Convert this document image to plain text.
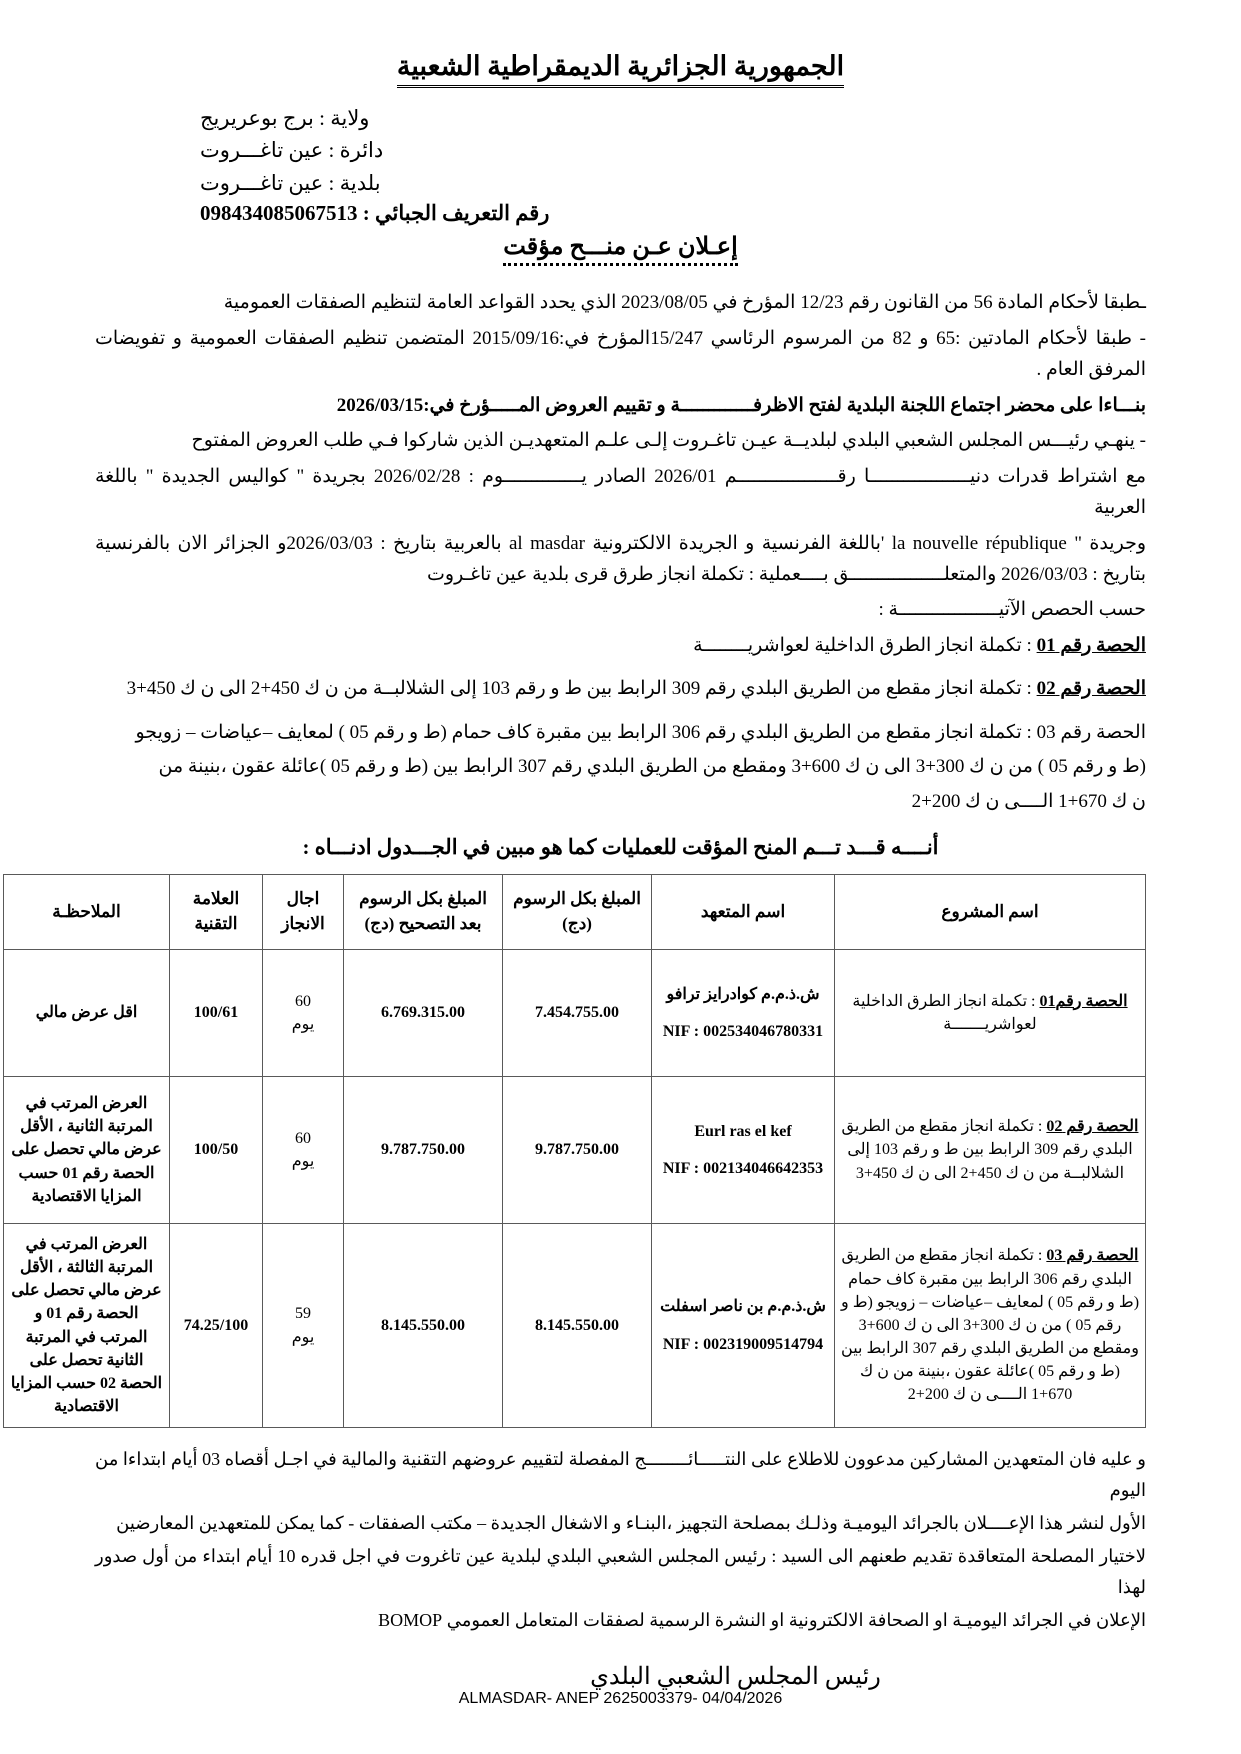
الجمهورية الجزائرية الديمقراطية الشعبية
ولاية : برج بوعريريج
دائرة : عين تاغـــروت
بلدية : عين تاغـــروت
رقم التعريف الجبائي : 098434085067513
إعـلان عـن منـــح مؤقت

ـطبقا لأحكام المادة 56 من القانون رقم 12/23 المؤرخ في 2023/08/05 الذي يحدد القواعد العامة لتنظيم الصفقات العمومية

- طبقا لأحكام المادتين :65 و 82 من المرسوم الرئاسي 15/247المؤرخ في:2015/09/16 المتضمن تنظيم الصفقات العمومية و تفويضات المرفق العام .

بنـــاءا على محضر اجتماع اللجنة البلدية لفتح الاظرفـــــــــــــة و تقييم العروض المـــــؤرخ في:2026/03/15

- ينهـي رئيـــس المجلس الشعبي البلدي لبلديــة عيـن تاغـروت إلـى علـم المتعهديـن الذين شاركوا فـي طلب العروض المفتوح

مع اشتراط قدرات دنيــــــــــــــــــا رقــــــــــــــــــم 2026/01 الصادر يــــــــــــــوم : 2026/02/28 بجريدة " كواليس الجديدة " باللغة العربية

وجريدة " la nouvelle république 'باللغة الفرنسية و الجريدة الالكترونية al masdar بالعربية بتاريخ : 2026/03/03و الجزائر الان بالفرنسية بتاريخ : 2026/03/03 والمتعلـــــــــــــــــق بــــعملية : تكملة انجاز طرق قرى بلدية عين تاغـروت

حسب الحصص الآتيــــــــــــــــــة :

الحصة رقم 01 : تكملة انجاز الطرق الداخلية لعواشريــــــــة

الحصة رقم 02 : تكملة انجاز مقطع من الطريق البلدي رقم 309 الرابط بين ط و رقم 103 إلى الشلالبــة من ن ك 450+2 الى ن ك 450+3

الحصة رقم 03 : تكملة انجاز مقطع من الطريق البلدي رقم 306 الرابط بين مقبرة كاف حمام (ط و رقم 05 ) لمعايف –عياضات – زويجو

(ط و رقم 05 ) من ن ك 300+3 الى ن ك 600+3 ومقطع من الطريق البلدي رقم 307 الرابط بين (ط و رقم 05 )عائلة عقون ،بنينة من

ن ك 670+1 الــــى ن ك 200+2

أنــــه قـــد تـــم المنح المؤقت للعمليات كما هو مبين في الجـــدول ادنـــاه :

اسم المشروع	اسم المتعهد	المبلغ بكل الرسوم (دج)	المبلغ بكل الرسوم بعد التصحيح (دج)	اجال الانجاز	العلامة التقنية	الملاحظـة
الحصة رقم01 : تكملة انجاز الطرق الداخلية لعواشريـــــــة	ش.ذ.م.م كوادرايز ترافو
NIF : 002534046780331	7.454.755.00	6.769.315.00	60
يوم	100/61	اقل عرض مالي
الحصة رقم 02 : تكملة انجاز مقطع من الطريق البلدي رقم 309 الرابط بين ط و رقم 103 إلى الشلالبــة من ن ك 450+2 الى ن ك 450+3	Eurl ras el kef
NIF : 002134046642353	9.787.750.00	9.787.750.00	60
يوم	100/50	العرض المرتب في المرتبة الثانية ، الأقل عرض مالي تحصل على الحصة رقم 01 حسب المزايا الاقتصادية
الحصة رقم 03 : تكملة انجاز مقطع من الطريق البلدي رقم 306 الرابط بين مقبرة كاف حمام (ط و رقم 05 ) لمعايف –عياضات – زويجو (ط و رقم 05 ) من ن ك 300+3 الى ن ك 600+3 ومقطع من الطريق البلدي رقم 307 الرابط بين (ط و رقم 05 )عائلة عقون ،بنينة من ن ك 670+1 الــــى ن ك 200+2	ش.ذ.م.م بن ناصر اسفلت
NIF : 002319009514794	8.145.550.00	8.145.550.00	59
يوم	74.25/100	العرض المرتب في المرتبة الثالثة ، الأقل عرض مالي تحصل على الحصة رقم 01 و المرتب في المرتبة الثانية تحصل على الحصة 02 حسب المزايا الاقتصادية

و عليه فان المتعهدين المشاركين مدعوون للاطلاع على النتـــــائــــــــج المفصلة لتقييم عروضهم التقنية والمالية في اجـل أقصاه 03 أيام ابتداءا من اليوم

الأول لنشر هذا الإعــــلان بالجرائد اليوميـة وذلـك بمصلحة التجهيز ،البنـاء و الاشغال الجديدة – مكتب الصفقات - كما يمكن للمتعهدين المعارضين

لاختيار المصلحة المتعاقدة تقديم طعنهم الى السيد : رئيس المجلس الشعبي البلدي لبلدية عين تاغروت في اجل قدره 10 أيام ابتداء من أول صدور لهذا

الإعلان في الجرائد اليوميـة او الصحافة الالكترونية او النشرة الرسمية لصفقات المتعامل العمومي BOMOP

رئيس المجلس الشعبي البلدي
ALMASDAR- ANEP 2625003379- 04/04/2026
